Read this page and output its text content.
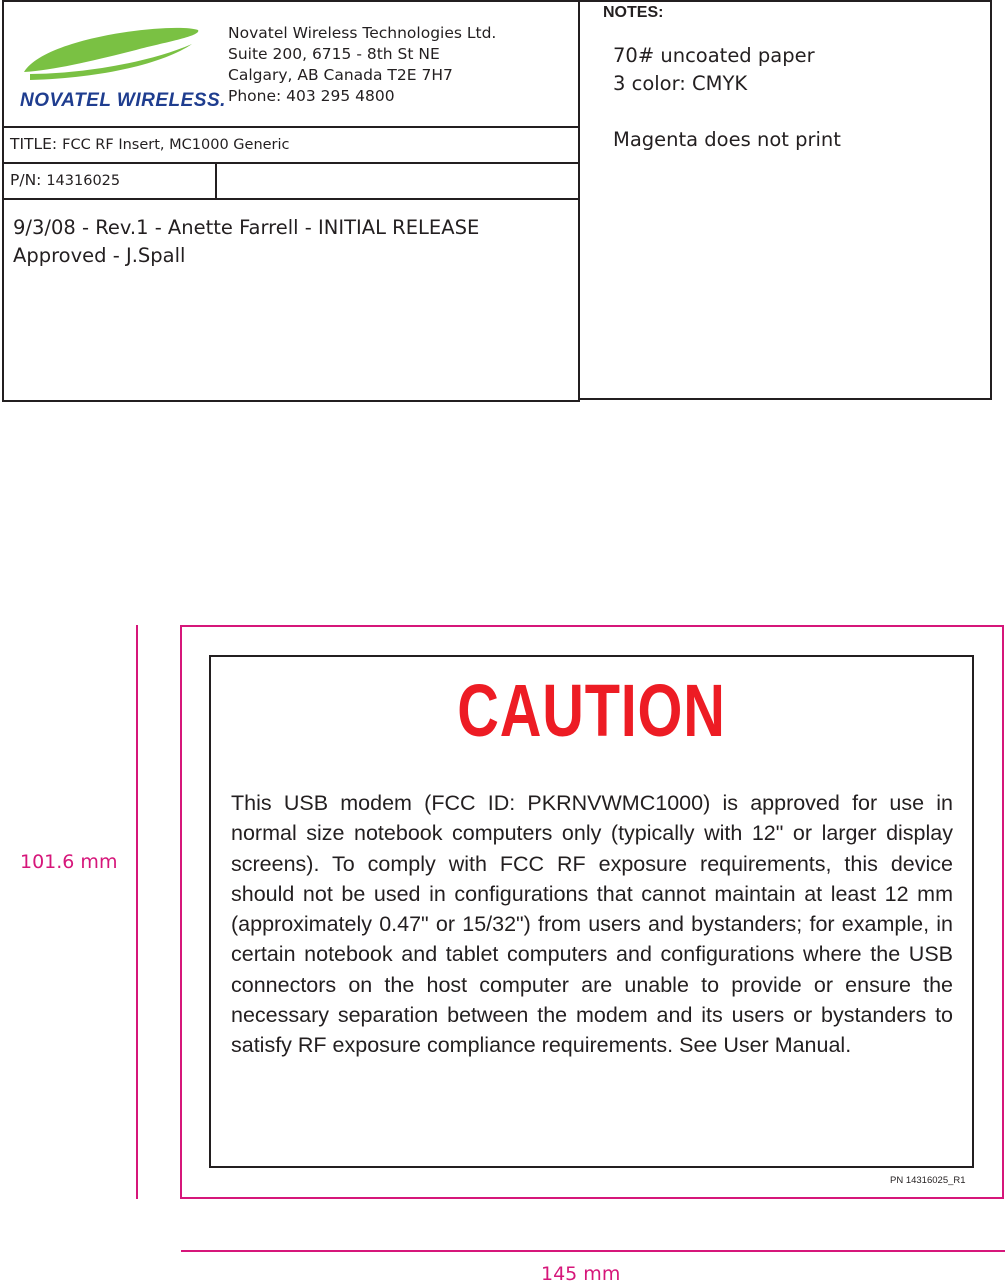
NOVATEL WIRELESS.
Novatel Wireless Technologies Ltd.
Suite 200, 6715 - 8th St NE
Calgary, AB Canada T2E 7H7
Phone: 403 295 4800
TITLE: FCC RF Insert, MC1000 Generic
P/N: 14316025
9/3/08 - Rev.1 - Anette Farrell - INITIAL RELEASE
Approved - J.Spall
NOTES:
70# uncoated paper
3 color: CMYK
Magenta does not print
101.6 mm
CAUTION
This USB modem (FCC ID: PKRNVWMC1000) is approved for use in normal size notebook computers only (typically with 12" or larger display screens). To comply with FCC RF exposure requirements, this device should not be used in configurations that cannot maintain at least 12 mm (approximately 0.47" or 15/32") from users and bystanders; for example, in certain notebook and tablet computers and configurations where the USB connectors on the host computer are unable to provide or ensure the necessary separation between the modem and its users or bystanders to satisfy RF exposure compliance requirements. See User Manual.
PN 14316025_R1
145 mm
